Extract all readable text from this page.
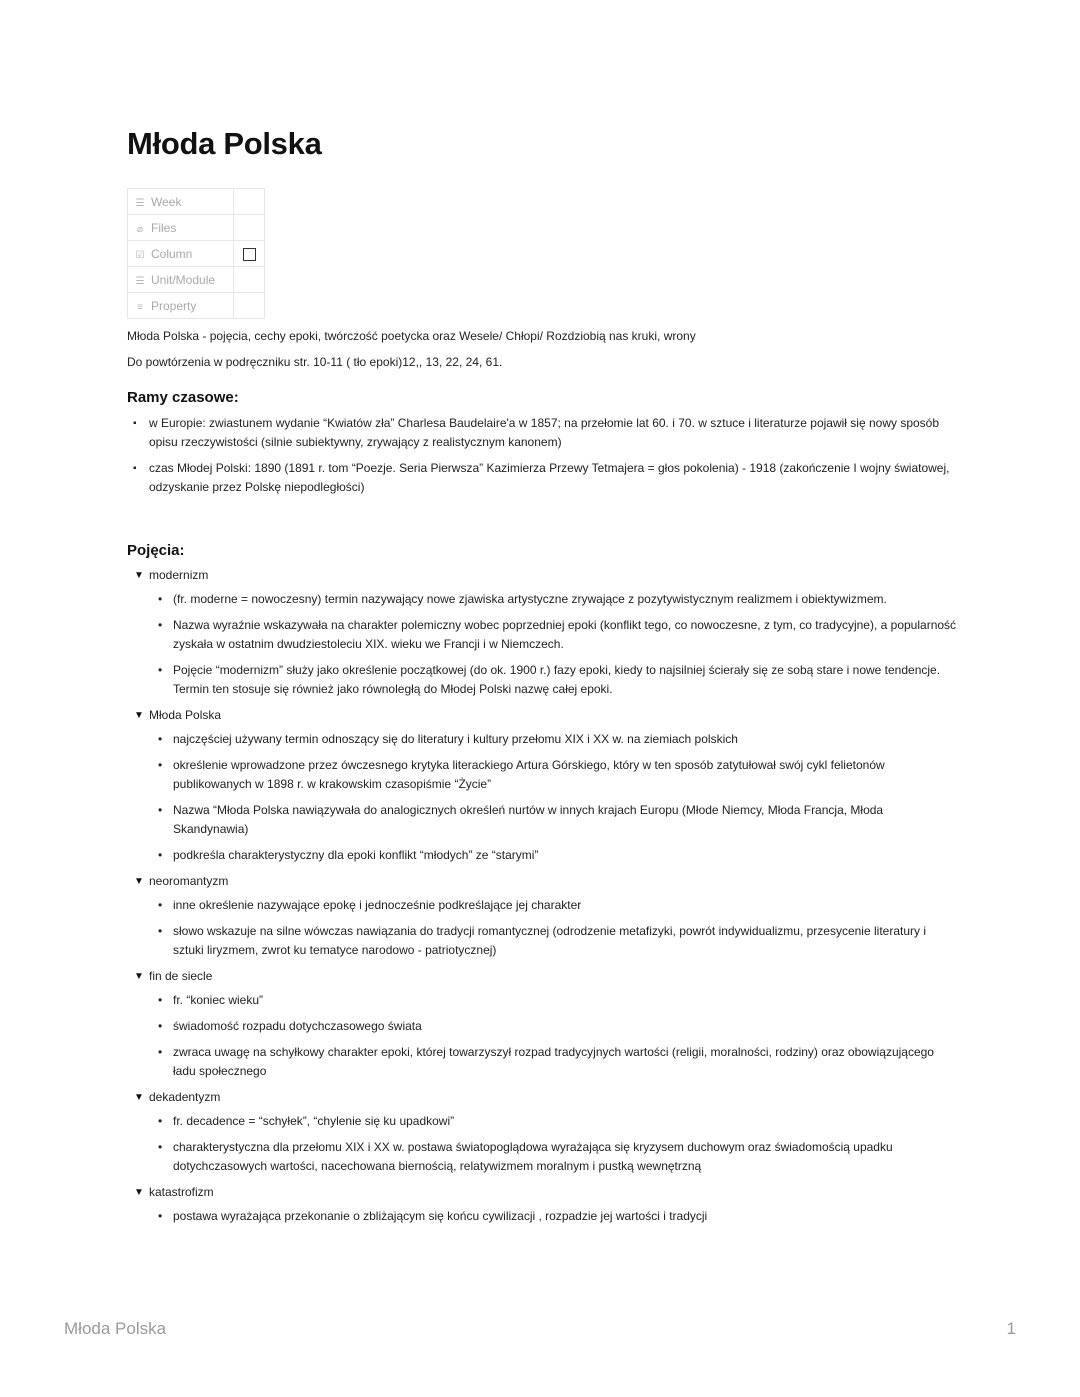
Młoda Polska
☰ Week	
⌀ Files	
☑ Column	
☰ Unit/Module	
≡ Property	

Młoda Polska - pojęcia, cechy epoki, twórczość poetycka oraz Wesele/ Chłopi/ Rozdziobią nas kruki, wrony

Do powtórzenia w podręczniku str. 10-11 ( tło epoki)12,, 13, 22, 24, 61.

Ramy czasowe:
▪ w Europie: zwiastunem wydanie “Kwiatów zła” Charlesa Baudelaire'a w 1857; na przełomie lat 60. i 70. w sztuce i literaturze pojawił się nowy sposób opisu rzeczywistości (silnie subiektywny, zrywający z realistycznym kanonem)
▪ czas Młodej Polski: 1890 (1891 r. tom “Poezje. Seria Pierwsza” Kazimierza Przewy Tetmajera = głos pokolenia) - 1918 (zakończenie I wojny światowej, odzyskanie przez Polskę niepodległości)
Pojęcia:
▼ modernizm
• (fr. moderne = nowoczesny) termin nazywający nowe zjawiska artystyczne zrywające z pozytywistycznym realizmem i obiektywizmem.
• Nazwa wyraźnie wskazywała na charakter polemiczny wobec poprzedniej epoki (konflikt tego, co nowoczesne, z tym, co tradycyjne), a popularność zyskała w ostatnim dwudziestoleciu XIX. wieku we Francji i w Niemczech.
• Pojęcie “modernizm” służy jako określenie początkowej (do ok. 1900 r.) fazy epoki, kiedy to najsilniej ścierały się ze sobą stare i nowe tendencje. Termin ten stosuje się również jako równoległą do Młodej Polski nazwę całej epoki.
▼ Młoda Polska
• najczęściej używany termin odnoszący się do literatury i kultury przełomu XIX i XX w. na ziemiach polskich
• określenie wprowadzone przez ówczesnego krytyka literackiego Artura Górskiego, który w ten sposób zatytułował swój cykl felietonów publikowanych w 1898 r. w krakowskim czasopiśmie “Życie”
• Nazwa “Młoda Polska nawiązywała do analogicznych określeń nurtów w innych krajach Europu (Młode Niemcy, Młoda Francja, Młoda Skandynawia)
• podkreśla charakterystyczny dla epoki konflikt “młodych” ze “starymi”
▼ neoromantyzm
• inne określenie nazywające epokę i jednocześnie podkreślające jej charakter
• słowo wskazuje na silne wówczas nawiązania do tradycji romantycznej (odrodzenie metafizyki, powrót indywidualizmu, przesycenie literatury i sztuki liryzmem, zwrot ku tematyce narodowo - patriotycznej)
▼ fin de siecle
• fr. “koniec wieku”
• świadomość rozpadu dotychczasowego świata
• zwraca uwagę na schyłkowy charakter epoki, której towarzyszył rozpad tradycyjnych wartości (religii, moralności, rodziny) oraz obowiązującego ładu społecznego
▼ dekadentyzm
• fr. decadence = “schyłek”, “chylenie się ku upadkowi”
• charakterystyczna dla przełomu XIX i XX w. postawa światopoglądowa wyrażająca się kryzysem duchowym oraz świadomością upadku dotychczasowych wartości, nacechowana biernością, relatywizmem moralnym i pustką wewnętrzną
▼ katastrofizm
• postawa wyrażająca przekonanie o zbliżającym się końcu cywilizacji , rozpadzie jej wartości i tradycji
Młoda Polska	1
